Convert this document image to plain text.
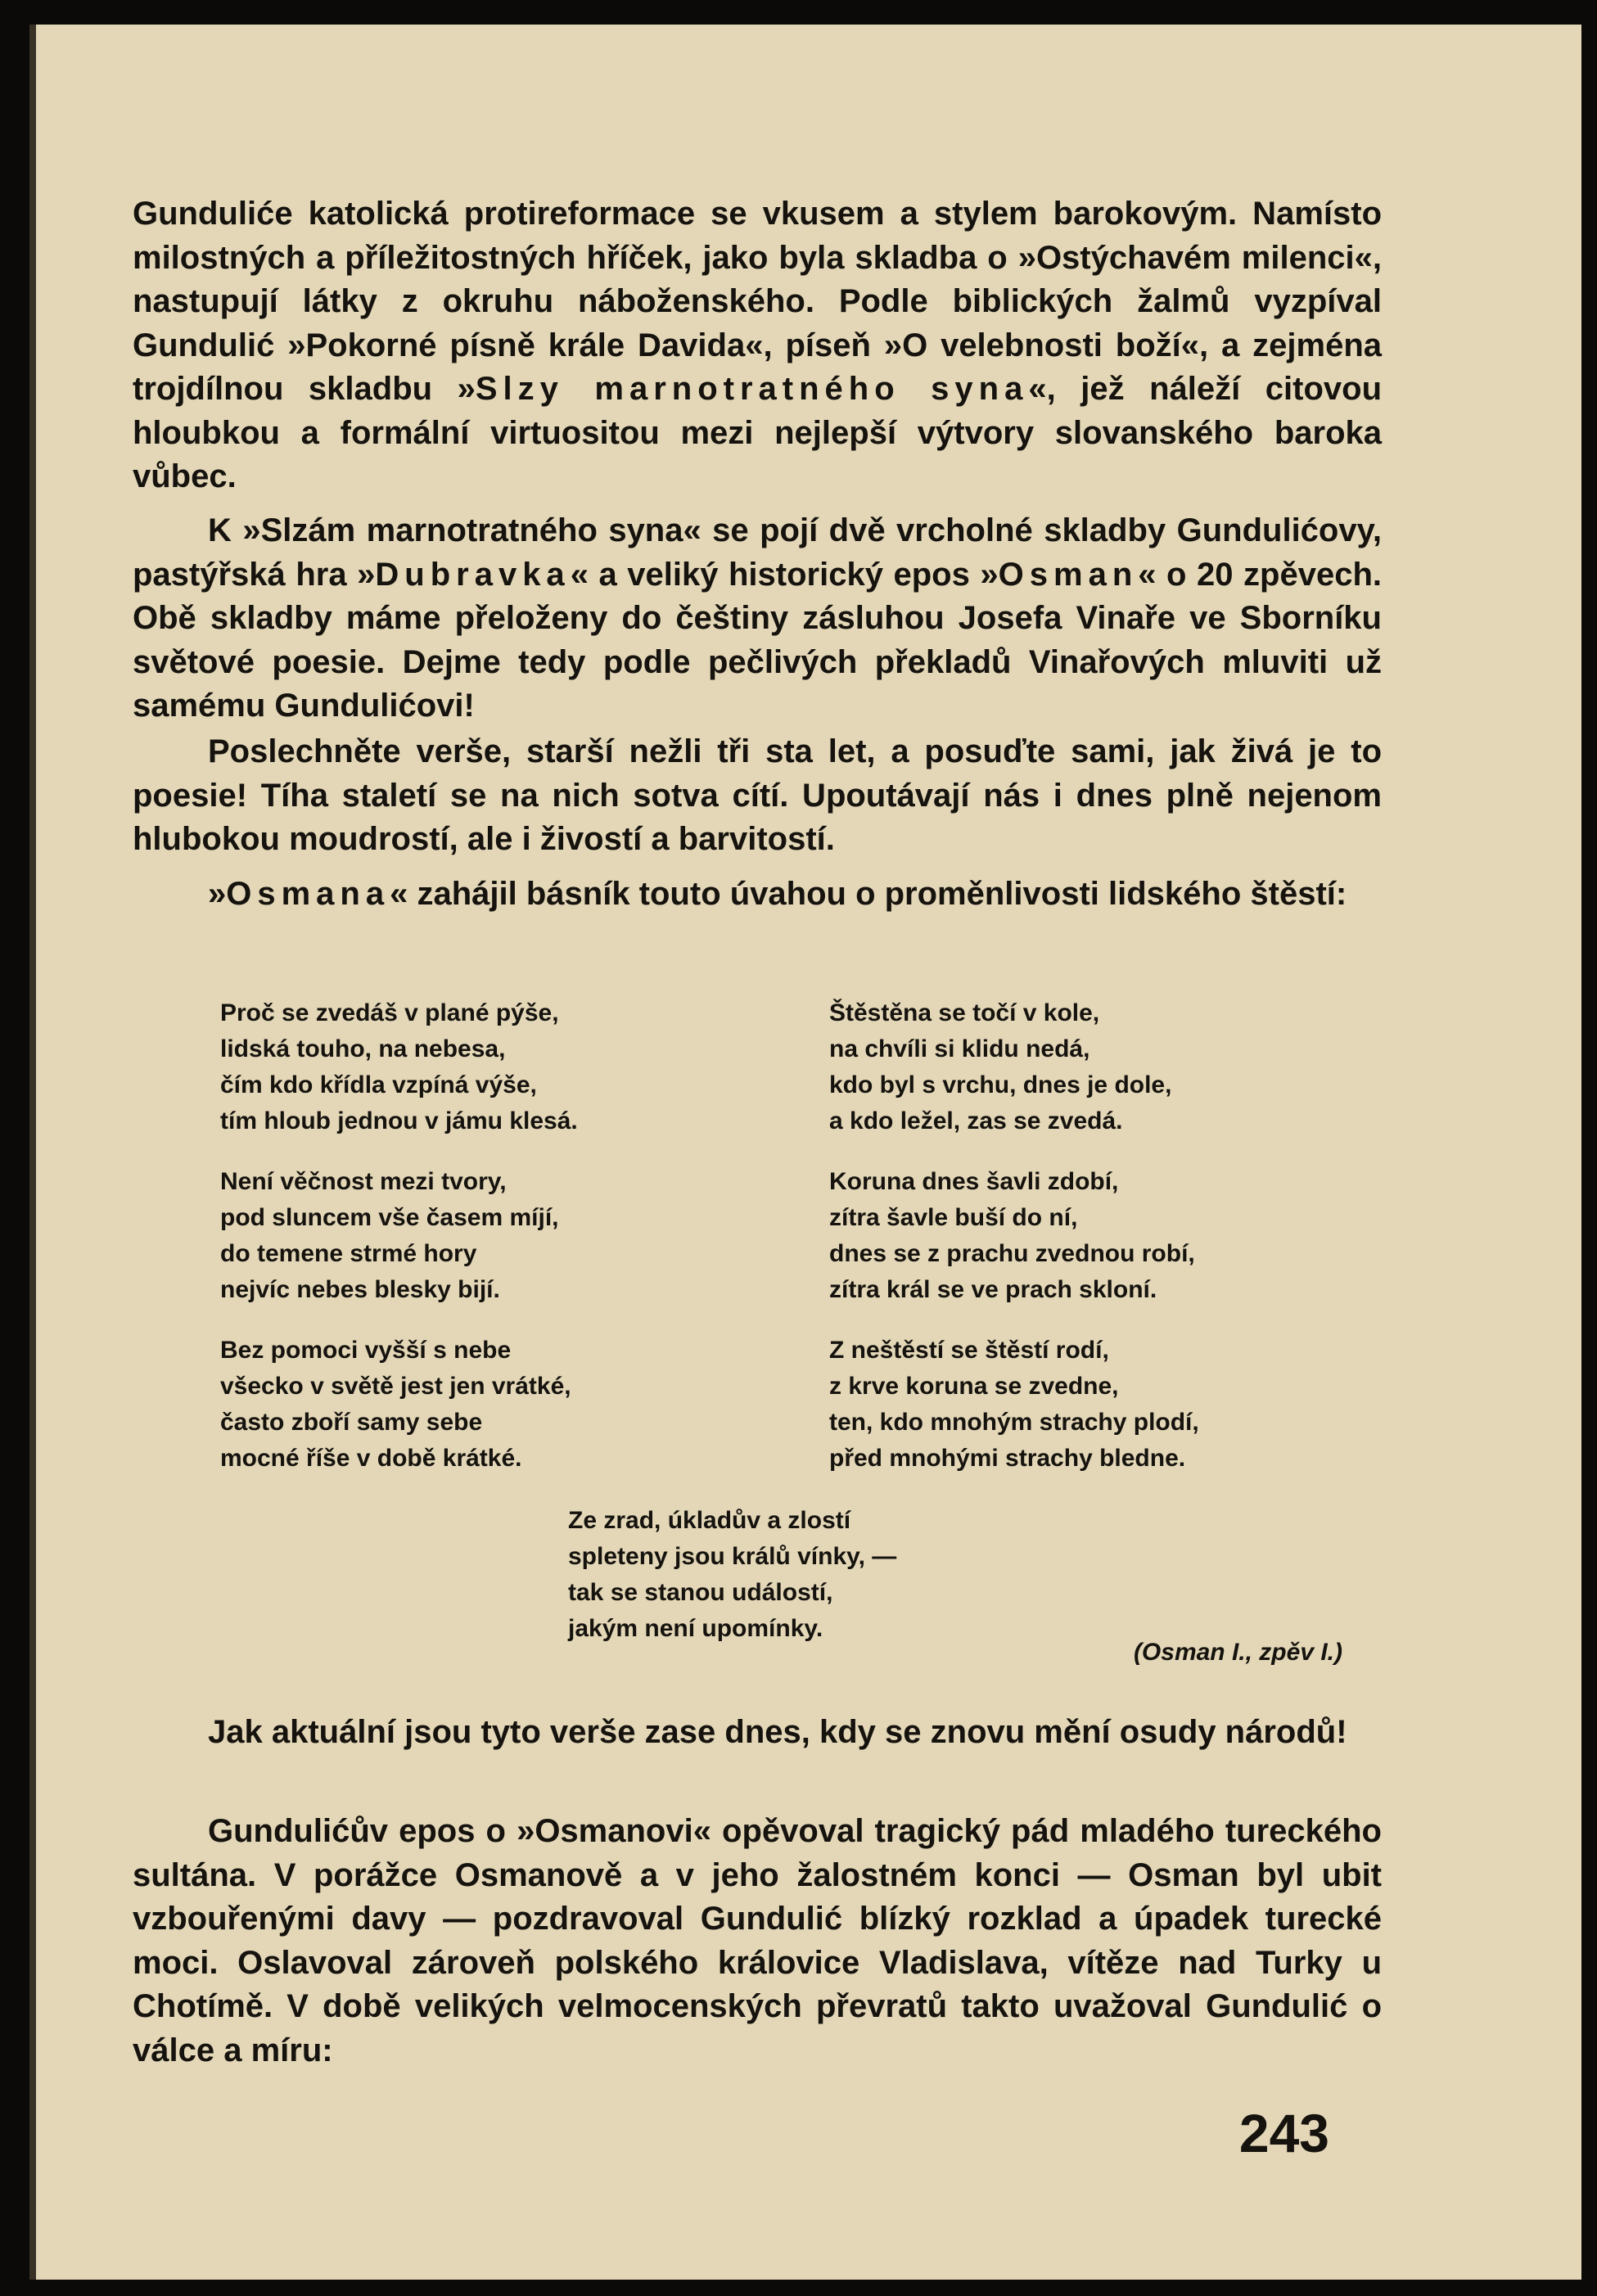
Gundulićе katolická protireformace se vkusem a stylem barokovým. Namísto milostných a příležitostných hříček, jako byla skladba o »Ostýchavém milenci«, nastupují látky z okruhu náboženského. Podle biblických žalmů vyzpíval Gundulić »Pokorné písně krále Davida«, píseň »O velebnosti boží«, a zejména trojdílnou skladbu »Slzy marnotratného syna«, jež náleží citovou hloubkou a formální virtuositou mezi nejlepší výtvory slovanského baroka vůbec.

K »Slzám marnotratného syna« se pojí dvě vrcholné skladby Gundulićovy, pastýřská hra »Dubravka« a veliký historický epos »Osman« o 20 zpěvech. Obě skladby máme přeloženy do češtiny zásluhou Josefa Vinaře ve Sborníku světové poesie. Dejme tedy podle pečlivých překladů Vinařových mluviti už samému Gundulićovi!

Poslechněte verše, starší nežli tři sta let, a posuďte sami, jak živá je to poesie! Tíha staletí se na nich sotva cítí. Upoutávají nás i dnes plně nejenom hlubokou moudrostí, ale i živostí a barvitostí.

»Osmana« zahájil básník touto úvahou o proměnlivosti lidského štěstí:

Proč se zvedáš v plané pýše,
lidská touho, na nebesa,
čím kdo křídla vzpíná výše,
tím hloub jednou v jámu klesá.

Není věčnost mezi tvory,
pod sluncem vše časem míjí,
do temene strmé hory
nejvíc nebes blesky bijí.

Bez pomoci vyšší s nebe
všecko v světě jest jen vrátké,
často zboří samy sebe
mocné říše v době krátké.

Štěstěna se točí v kole,
na chvíli si klidu nedá,
kdo byl s vrchu, dnes je dole,
a kdo ležel, zas se zvedá.

Koruna dnes šavli zdobí,
zítra šavle buší do ní,
dnes se z prachu zvednou robí,
zítra král se ve prach skloní.

Z neštěstí se štěstí rodí,
z krve koruna se zvedne,
ten, kdo mnohým strachy plodí,
před mnohými strachy bledne.

Ze zrad, úkladův a zlostí
spleteny jsou králů vínky, —
tak se stanou událostí,
jakým není upomínky.

(Osman I., zpěv I.)

Jak aktuální jsou tyto verše zase dnes, kdy se znovu mění osudy národů!

Gundulićův epos o »Osmanovi« opěvoval tragický pád mladého tureckého sultána. V porážce Osmanově a v jeho žalostném konci — Osman byl ubit vzbouřenými davy — pozdravoval Gundulić blízký rozklad a úpadek turecké moci. Oslavoval zároveň polského královice Vladislava, vítěze nad Turky u Chotímě. V době velikých velmocenských převratů takto uvažoval Gundulić o válce a míru:

243
